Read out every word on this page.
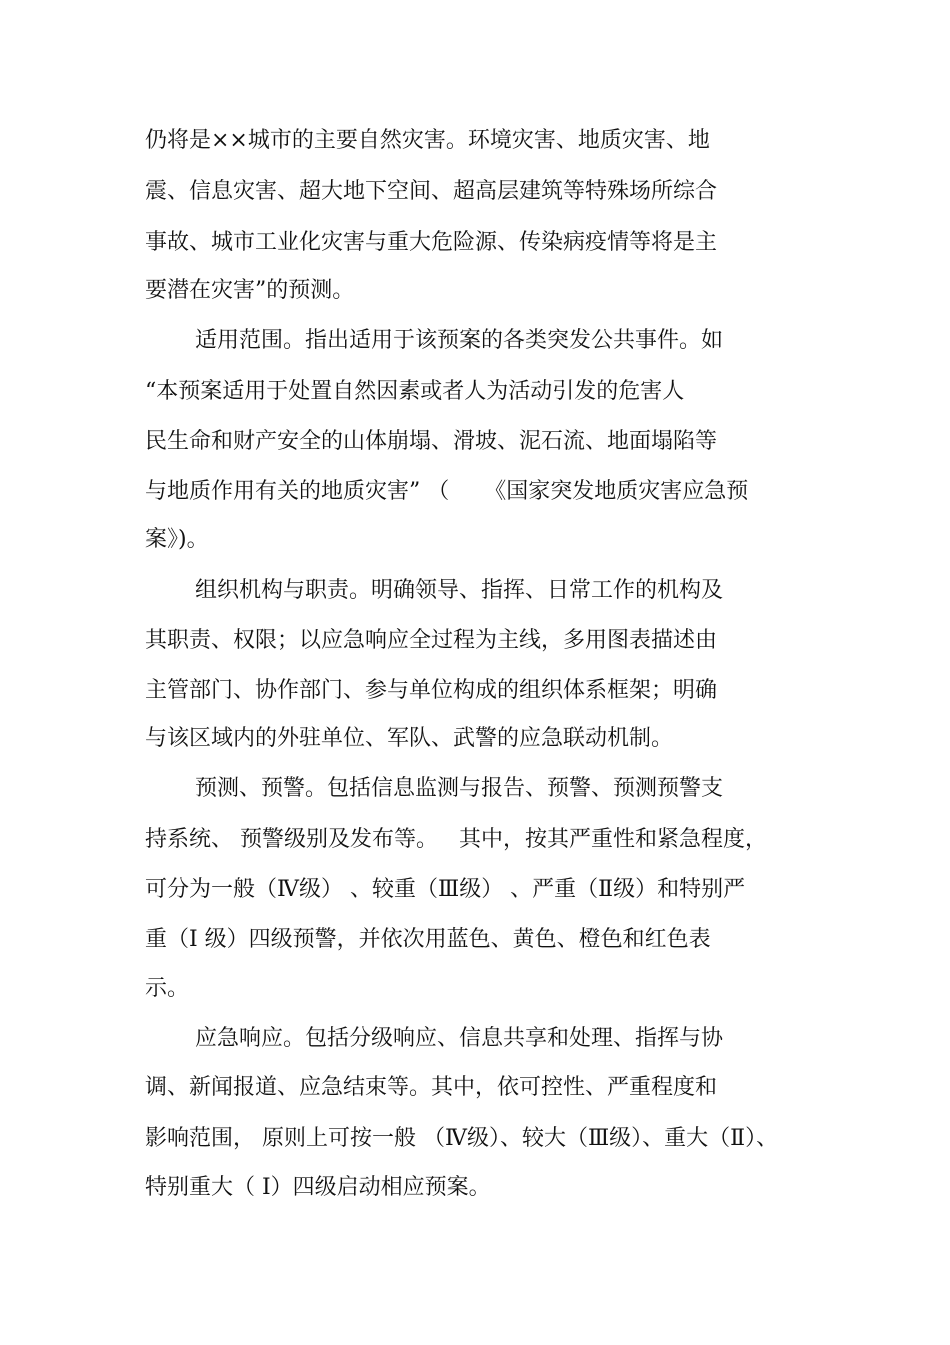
仍将是××城市的主要自然灾害。环境灾害、地质灾害、地
震、信息灾害、超大地下空间、超高层建筑等特殊场所综合
事故、城市工业化灾害与重大危险源、传染病疫情等将是主
要潜在灾害”的预测。
适用范围。指出适用于该预案的各类突发公共事件。如
“本预案适用于处置自然因素或者人为活动引发的危害人
民生命和财产安全的山体崩塌、滑坡、泥石流、地面塌陷等
与地质作用有关的地质灾害” （     《国家突发地质灾害应急预
案》)。
组织机构与职责。明确领导、指挥、日常工作的机构及
其职责、权限；以应急响应全过程为主线，多用图表描述由
主管部门、协作部门、参与单位构成的组织体系框架；明确
与该区域内的外驻单位、军队、武警的应急联动机制。
预测、预警。包括信息监测与报告、预警、预测预警支
持系统、 预警级别及发布等。   其中，按其严重性和紧急程度，
可分为一般（Ⅳ级） 、较重（Ⅲ级） 、严重（Ⅱ级）和特别严
重（Ⅰ 级）四级预警，并依次用蓝色、黄色、橙色和红色表
示。
应急响应。包括分级响应、信息共享和处理、指挥与协
调、新闻报道、应急结束等。其中，依可控性、严重程度和
影响范围， 原则上可按一般 （Ⅳ级）、较大（Ⅲ级）、重大（Ⅱ）、
特别重大（ Ⅰ）四级启动相应预案。
